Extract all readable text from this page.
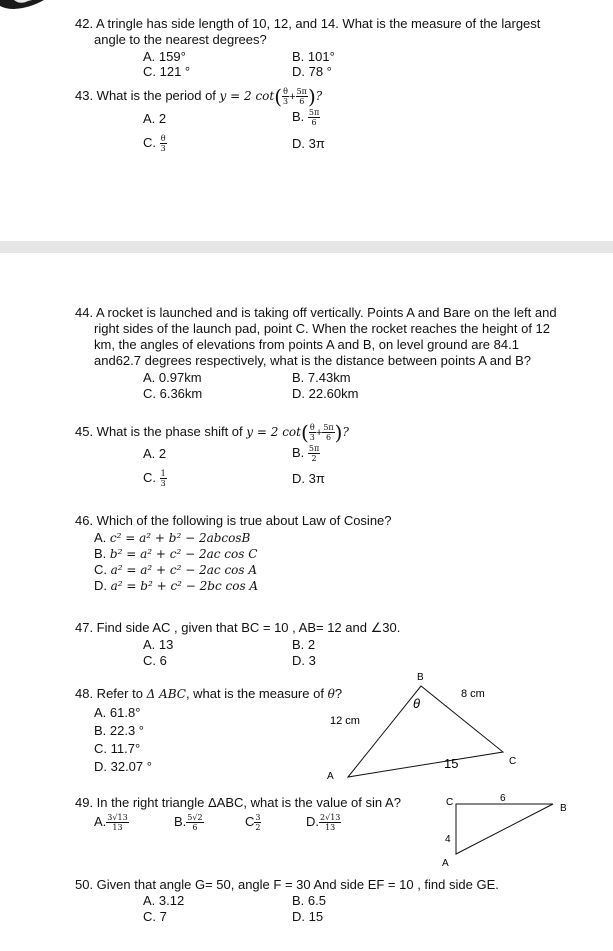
42. A tringle has side length of 10, 12, and 14. What is the measure of the largest
angle to the nearest degrees?
A. 159°	B. 101°
C. 121 °	D. 78 °
43. What is the period of y = 2 $\cot( \frac{\theta}{3} + \frac{5\pi}{6}$ )?
A. 2	B. $\frac{5\pi}{6}$
C. $\frac{\theta}{3}$	D. 3π
44. A rocket is launched and is taking off vertically. Points A and Bare on the left and
right sides of the launch pad, point C. When the rocket reaches the height of 12
km, the angles of elevations from points A and B, on level ground are 84.1
and62.7 degrees respectively, what is the distance between points A and B?
A. 0.97km	B. 7.43km
C. 6.36km	D. 22.60km
45. What is the phase shift of y = 2 $\cot( \frac{\theta}{3} + \frac{5\pi}{6}$ )?
A. 2	B. $\frac{5\pi}{2}$
C. $\frac{1}{3}$	D. 3π
46. Which of the following is true about Law of Cosine?
A. c² = a² + b² − 2abcosB
B. b² = a² + c² − 2ac cos C
C. a² = a² + c² − 2ac cos A
D. a² = b² + c² − 2bc cos A
47. Find side AC , given that BC = 10 , AB= 12 and ∠30.
A. 13	B. 2
C. 6	D. 3
48. Refer to Δ ABC, what is the measure of θ?
A. 61.8°
B. 22.3 °
C. 11.7°
D. 32.07 °
B
C
A
θ
8 cm
12 cm
15
49. In the right triangle ΔABC, what is the value of sin A?
A. $\frac{3√13}{13}$	B. $\frac{5√2}{6}$	C $\frac{3}{2}$	D. $\frac{2√13}{13}$
C
B
A
6
4
50. Given that angle G= 50, angle F = 30 And side EF = 10 , find side GE.
A. 3.12	B. 6.5
C. 7	D. 15
